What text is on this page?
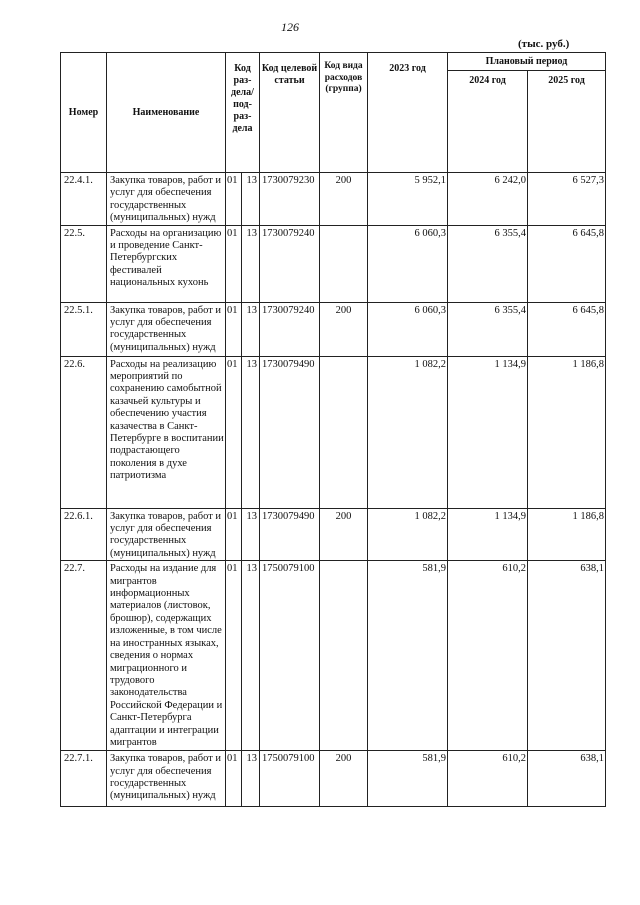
126
(тыс. руб.)
Номер	Наименование	Код раз- дела/ под- раз- дела		Код целевой статьи	Код вида расходов (группа)	2023 год	Плановый период	
							2024 год	2025 год
22.4.1.	Закупка товаров, работ и услуг для обеспечения государственных (муниципальных) нужд	01	13	1730079230	200	5 952,1	6 242,0	6 527,3
22.5.	Расходы на организацию и проведение Санкт-Петербургских фестивалей национальных кухонь	01	13	1730079240		6 060,3	6 355,4	6 645,8
22.5.1.	Закупка товаров, работ и услуг для обеспечения государственных (муниципальных) нужд	01	13	1730079240	200	6 060,3	6 355,4	6 645,8
22.6.	Расходы на реализацию мероприятий по сохранению самобытной казачьей культуры и обеспечению участия казачества в Санкт-Петербурге в воспитании подрастающего поколения в духе патриотизма	01	13	1730079490		1 082,2	1 134,9	1 186,8
22.6.1.	Закупка товаров, работ и услуг для обеспечения государственных (муниципальных) нужд	01	13	1730079490	200	1 082,2	1 134,9	1 186,8
22.7.	Расходы на издание для мигрантов информационных материалов (листовок, брошюр), содержащих изложенные, в том числе на иностранных языках, сведения о нормах миграционного и трудового законодательства Российской Федерации и Санкт-Петербурга адаптации и интеграции мигрантов	01	13	1750079100		581,9	610,2	638,1
22.7.1.	Закупка товаров, работ и услуг для обеспечения государственных (муниципальных) нужд	01	13	1750079100	200	581,9	610,2	638,1
